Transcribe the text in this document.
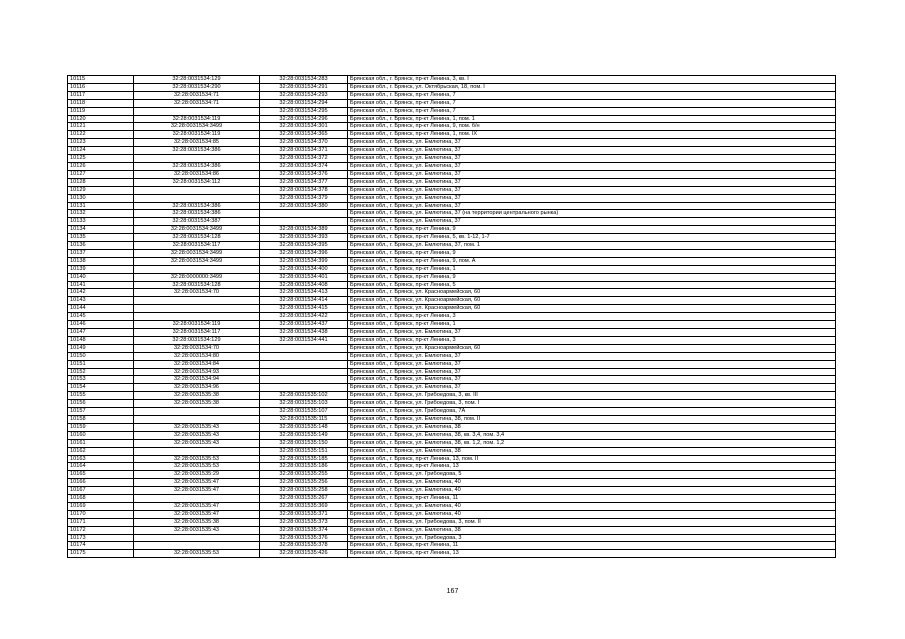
10115	32:28:0031534:129	32:28:0031534:283	Брянская обл., г. Брянск, пр-кт Ленина, 3, кв. I
10116	32:28:0031534:290	32:28:0031534:291	Брянская обл., г. Брянск, ул. Октябрьская, 18, пом. I
10117	32:28:0031534:71	32:28:0031534:293	Брянская обл., г. Брянск, пр-кт Ленина, 7
10118	32:28:0031534:71	32:28:0031534:294	Брянская обл., г. Брянск, пр-кт Ленина, 7
10119		32:28:0031534:295	Брянская обл., г. Брянск, пр-кт Ленина, 7
10120	32:28:0031534:119	32:28:0031534:296	Брянская обл., г. Брянск, пр-кт Ленина, 1, пом. 1
10121	32:28:0031534:3499	32:28:0031534:301	Брянская обл., г. Брянск, пр-кт Ленина, 9, пом. б/н
10122	32:28:0031534:119	32:28:0031534:365	Брянская обл., г. Брянск, пр-кт Ленина, 1, пом. IX
10123	32:28:0031534:85	32:28:0031534:370	Брянская обл., г. Брянск, ул. Емлютина, 37
10124	32:28:0031534:386	32:28:0031534:371	Брянская обл., г. Брянск, ул. Емлютина, 37
10125		32:28:0031534:372	Брянская обл., г. Брянск, ул. Емлютина, 37
10126	32:28:0031534:386	32:28:0031534:374	Брянская обл., г. Брянск, ул. Емлютина, 37
10127	32:28:0031534:86	32:28:0031534:376	Брянская обл., г. Брянск, ул. Емлютина, 37
10128	32:28:0031534:112	32:28:0031534:377	Брянская обл., г. Брянск, ул. Емлютина, 37
10129		32:28:0031534:378	Брянская обл., г. Брянск, ул. Емлютина, 37
10130		32:28:0031534:379	Брянская обл., г. Брянск, ул. Емлютина, 37
10131	32:28:0031534:386	32:28:0031534:380	Брянская обл., г. Брянск, ул. Емлютина, 37
10132	32:28:0031534:386		Брянская обл., г. Брянск, ул. Емлютина, 37 (на территории центрального рынка)
10133	32:28:0031534:387		Брянская обл., г. Брянск, ул. Емлютина, 37
10134	32:28:0031534:3499	32:28:0031534:389	Брянская обл., г. Брянск, пр-кт Ленина, 9
10135	32:28:0031534:128	32:28:0031534:393	Брянская обл., г. Брянск, пр-кт Ленина, 5, кв. 1-12, 1-7
10136	32:28:0031534:117	32:28:0031534:395	Брянская обл., г. Брянск, ул. Емлютина, 37, пом. 1
10137	32:28:0031534:3499	32:28:0031534:396	Брянская обл., г. Брянск, пр-кт Ленина, 9
10138	32:28:0031534:3499	32:28:0031534:399	Брянская обл., г. Брянск, пр-кт Ленина, 9, пом. А
10139		32:28:0031534:400	Брянская обл., г. Брянск, пр-кт Ленина, 1
10140	32:28:0000000:3499	32:28:0031534:401	Брянская обл., г. Брянск, пр-кт Ленина, 9
10141	32:28:0031534:128	32:28:0031534:408	Брянская обл., г. Брянск, пр-кт Ленина, 5
10142	32:28:0031534:70	32:28:0031534:413	Брянская обл., г. Брянск, ул. Красноармейская, 60
10143		32:28:0031534:414	Брянская обл., г. Брянск, ул. Красноармейская, 60
10144		32:28:0031534:415	Брянская обл., г. Брянск, ул. Красноармейская, 60
10145		32:28:0031534:422	Брянская обл., г. Брянск, пр-кт Ленина, 3
10146	32:28:0031534:119	32:28:0031534:437	Брянская обл., г. Брянск, пр-кт Ленина, 1
10147	32:28:0031534:117	32:28:0031534:438	Брянская обл., г. Брянск, ул. Емлютина, 37
10148	32:28:0031534:129	32:28:0031534:441	Брянская обл., г. Брянск, пр-кт Ленина, 3
10149	32:28:0031534:70		Брянская обл., г. Брянск, ул. Красноармейская, 60
10150	32:28:0031534:80		Брянская обл., г. Брянск, ул. Емлютина, 37
10151	32:28:0031534:84		Брянская обл., г. Брянск, ул. Емлютина, 37
10152	32:28:0031534:93		Брянская обл., г. Брянск, ул. Емлютина, 37
10153	32:28:0031534:94		Брянская обл., г. Брянск, ул. Емлютина, 37
10154	32:28:0031534:96		Брянская обл., г. Брянск, ул. Емлютина, 37
10155	32:28:0031535:38	32:28:0031535:102	Брянская обл., г. Брянск, ул. Грибоедова, 3, кв. III
10156	32:28:0031535:38	32:28:0031535:103	Брянская обл., г. Брянск, ул. Грибоедова, 3, пом. I
10157		32:28:0031535:107	Брянская обл., г. Брянск, ул. Грибоедова, 7А
10158		32:28:0031535:115	Брянская обл., г. Брянск, ул. Емлютина, 38, пом. II
10159	32:28:0031535:43	32:28:0031535:148	Брянская обл., г. Брянск, ул. Емлютина, 38
10160	32:28:0031535:43	32:28:0031535:149	Брянская обл., г. Брянск, ул. Емлютина, 38, кв. 3,4, пом. 3,4
10161	32:28:0031535:43	32:28:0031535:150	Брянская обл., г. Брянск, ул. Емлютина, 38, кв. 1,2, пом. 1,2
10162		32:28:0031535:151	Брянская обл., г. Брянск, ул. Емлютина, 38
10163	32:28:0031535:53	32:28:0031535:185	Брянская обл., г. Брянск, пр-кт Ленина, 13, пом. II
10164	32:28:0031535:53	32:28:0031535:186	Брянская обл., г. Брянск, пр-кт Ленина, 13
10165	32:28:0031535:29	32:28:0031535:255	Брянская обл., г. Брянск, ул. Грибоедова, 5
10166	32:28:0031535:47	32:28:0031535:256	Брянская обл., г. Брянск, ул. Емлютина, 40
10167	32:28:0031535:47	32:28:0031535:258	Брянская обл., г. Брянск, ул. Емлютина, 40
10168		32:28:0031535:267	Брянская обл., г. Брянск, пр-кт Ленина, 11
10169	32:28:0031535:47	32:28:0031535:369	Брянская обл., г. Брянск, ул. Емлютина, 40
10170	32:28:0031535:47	32:28:0031535:371	Брянская обл., г. Брянск, ул. Емлютина, 40
10171	32:28:0031535:38	32:28:0031535:373	Брянская обл., г. Брянск, ул. Грибоедова, 3, пом. II
10172	32:28:0031535:43	32:28:0031535:374	Брянская обл., г. Брянск, ул. Емлютина, 38
10173		32:28:0031535:376	Брянская обл., г. Брянск, ул. Грибоедова, 3
10174		32:28:0031535:378	Брянская обл., г. Брянск, пр-кт Ленина, 11
10175	32:28:0031535:53	32:28:0031535:426	Брянская обл., г. Брянск, пр-кт Ленина, 13
167
